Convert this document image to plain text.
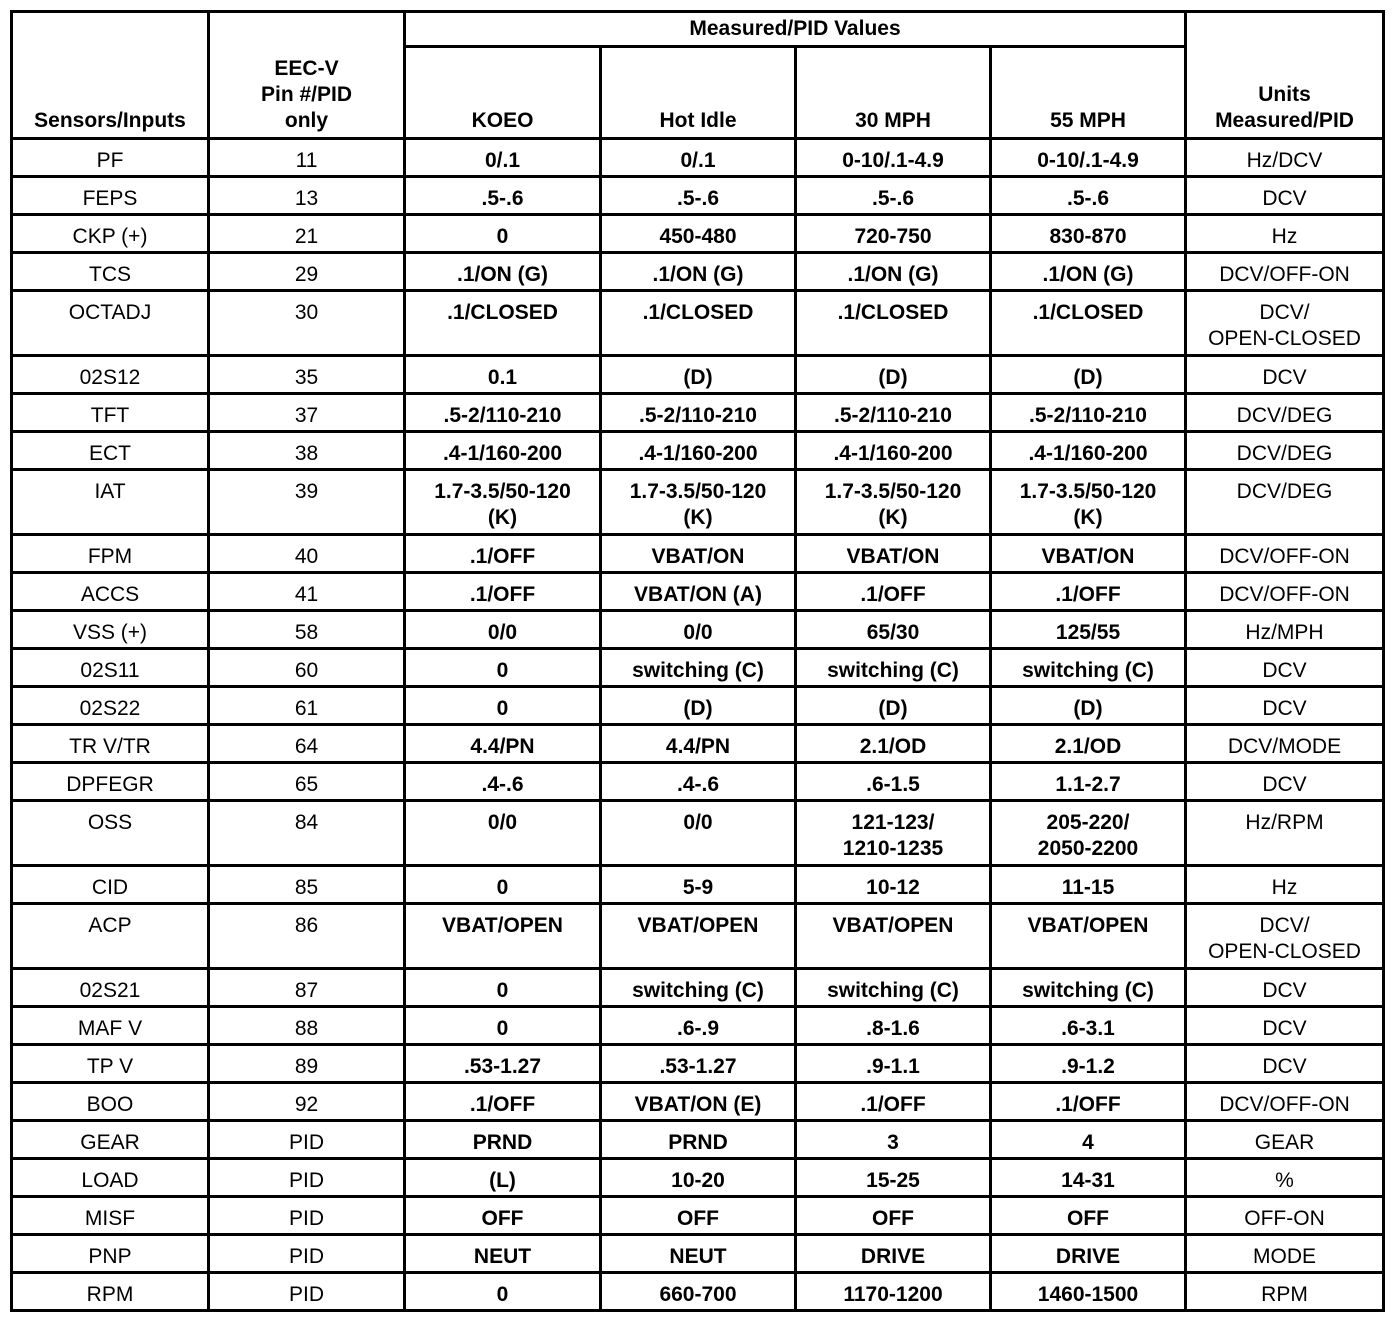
Sensors/Inputs	EEC-V
Pin #/PID
only	Measured/PID Values				Units
Measured/PID
		KOEO	Hot Idle	30 MPH	55 MPH	
PF	11	0/.1	0/.1	0-10/.1-4.9	0-10/.1-4.9	Hz/DCV
FEPS	13	.5-.6	.5-.6	.5-.6	.5-.6	DCV
CKP (+)	21	0	450-480	720-750	830-870	Hz
TCS	29	.1/ON (G)	.1/ON (G)	.1/ON (G)	.1/ON (G)	DCV/OFF-ON
OCTADJ	30	.1/CLOSED	.1/CLOSED	.1/CLOSED	.1/CLOSED	DCV/
OPEN-CLOSED
02S12	35	0.1	(D)	(D)	(D)	DCV
TFT	37	.5-2/110-210	.5-2/110-210	.5-2/110-210	.5-2/110-210	DCV/DEG
ECT	38	.4-1/160-200	.4-1/160-200	.4-1/160-200	.4-1/160-200	DCV/DEG
IAT	39	1.7-3.5/50-120
(K)	1.7-3.5/50-120
(K)	1.7-3.5/50-120
(K)	1.7-3.5/50-120
(K)	DCV/DEG
FPM	40	.1/OFF	VBAT/ON	VBAT/ON	VBAT/ON	DCV/OFF-ON
ACCS	41	.1/OFF	VBAT/ON (A)	.1/OFF	.1/OFF	DCV/OFF-ON
VSS (+)	58	0/0	0/0	65/30	125/55	Hz/MPH
02S11	60	0	switching (C)	switching (C)	switching (C)	DCV
02S22	61	0	(D)	(D)	(D)	DCV
TR V/TR	64	4.4/PN	4.4/PN	2.1/OD	2.1/OD	DCV/MODE
DPFEGR	65	.4-.6	.4-.6	.6-1.5	1.1-2.7	DCV
OSS	84	0/0	0/0	121-123/
1210-1235	205-220/
2050-2200	Hz/RPM
CID	85	0	5-9	10-12	11-15	Hz
ACP	86	VBAT/OPEN	VBAT/OPEN	VBAT/OPEN	VBAT/OPEN	DCV/
OPEN-CLOSED
02S21	87	0	switching (C)	switching (C)	switching (C)	DCV
MAF V	88	0	.6-.9	.8-1.6	.6-3.1	DCV
TP V	89	.53-1.27	.53-1.27	.9-1.1	.9-1.2	DCV
BOO	92	.1/OFF	VBAT/ON (E)	.1/OFF	.1/OFF	DCV/OFF-ON
GEAR	PID	PRND	PRND	3	4	GEAR
LOAD	PID	(L)	10-20	15-25	14-31	%
MISF	PID	OFF	OFF	OFF	OFF	OFF-ON
PNP	PID	NEUT	NEUT	DRIVE	DRIVE	MODE
RPM	PID	0	660-700	1170-1200	1460-1500	RPM
